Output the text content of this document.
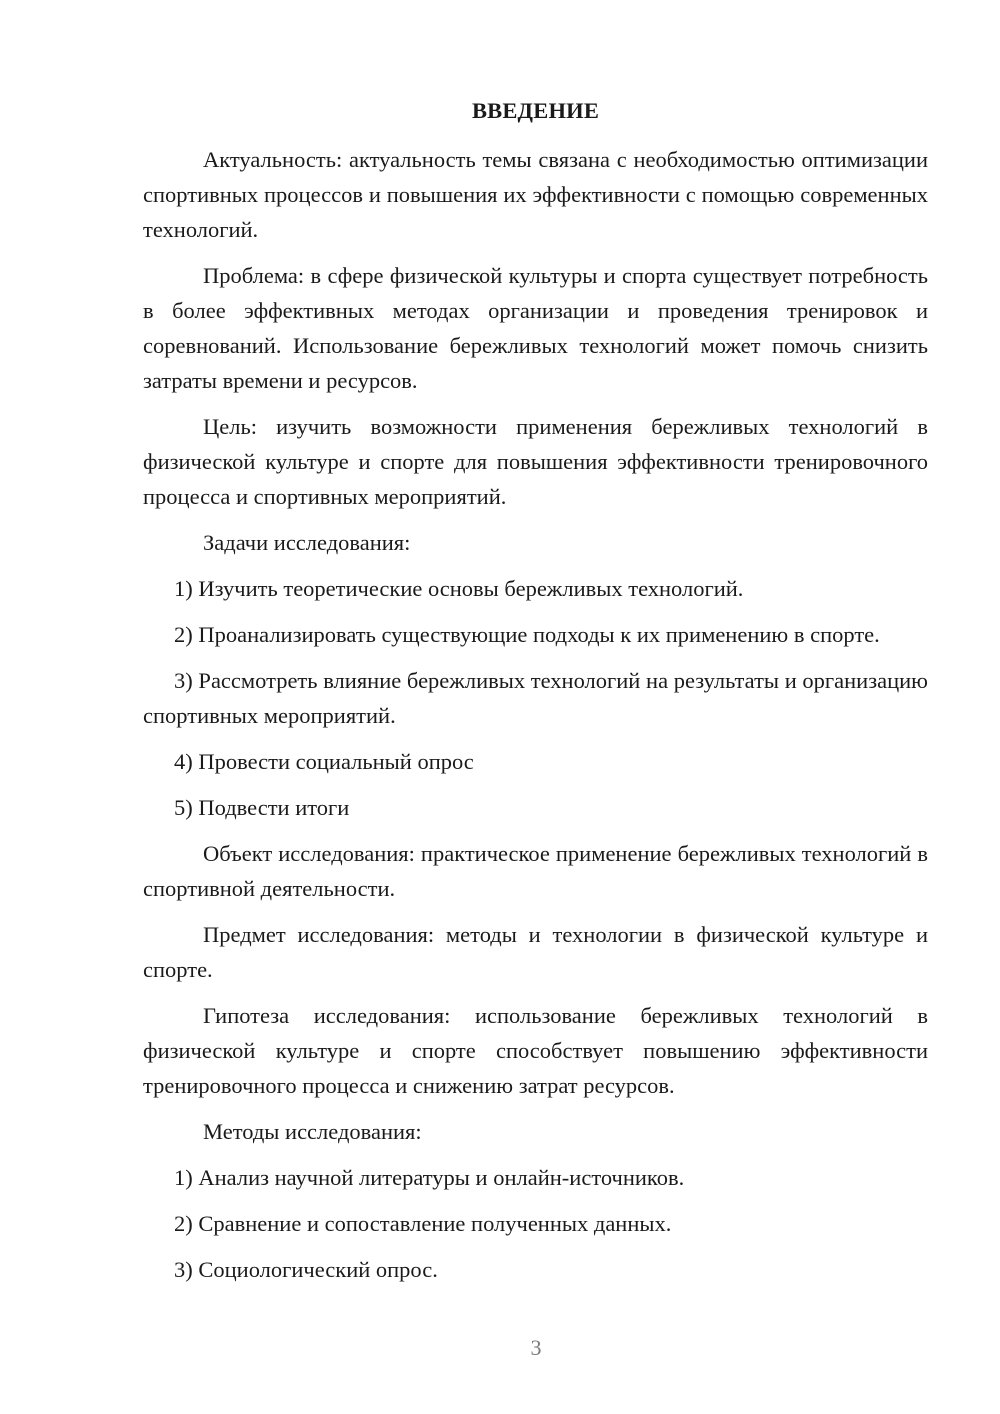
ВВЕДЕНИЕ

Актуальность: актуальность темы связана с необходимостью оптимизации спортивных процессов и повышения их эффективности с помощью современных технологий.

Проблема: в сфере физической культуры и спорта существует потребность в более эффективных методах организации и проведения тренировок и соревнований. Использование бережливых технологий может помочь снизить затраты времени и ресурсов.

Цель: изучить возможности применения бережливых технологий в физической культуре и спорте для повышения эффективности тренировочного процесса и спортивных мероприятий.

Задачи исследования:

1) Изучить теоретические основы бережливых технологий.

2) Проанализировать существующие подходы к их применению в спорте.

3) Рассмотреть влияние бережливых технологий на результаты и организацию спортивных мероприятий.

4) Провести социальный опрос

5) Подвести итоги

Объект исследования: практическое применение бережливых технологий в спортивной деятельности.

Предмет исследования: методы и технологии в физической культуре и спорте.

Гипотеза исследования: использование бережливых технологий в физической культуре и спорте способствует повышению эффективности тренировочного процесса и снижению затрат ресурсов.

Методы исследования:

1) Анализ научной литературы и онлайн-источников.

2) Сравнение и сопоставление полученных данных.

3) Социологический опрос.

3
